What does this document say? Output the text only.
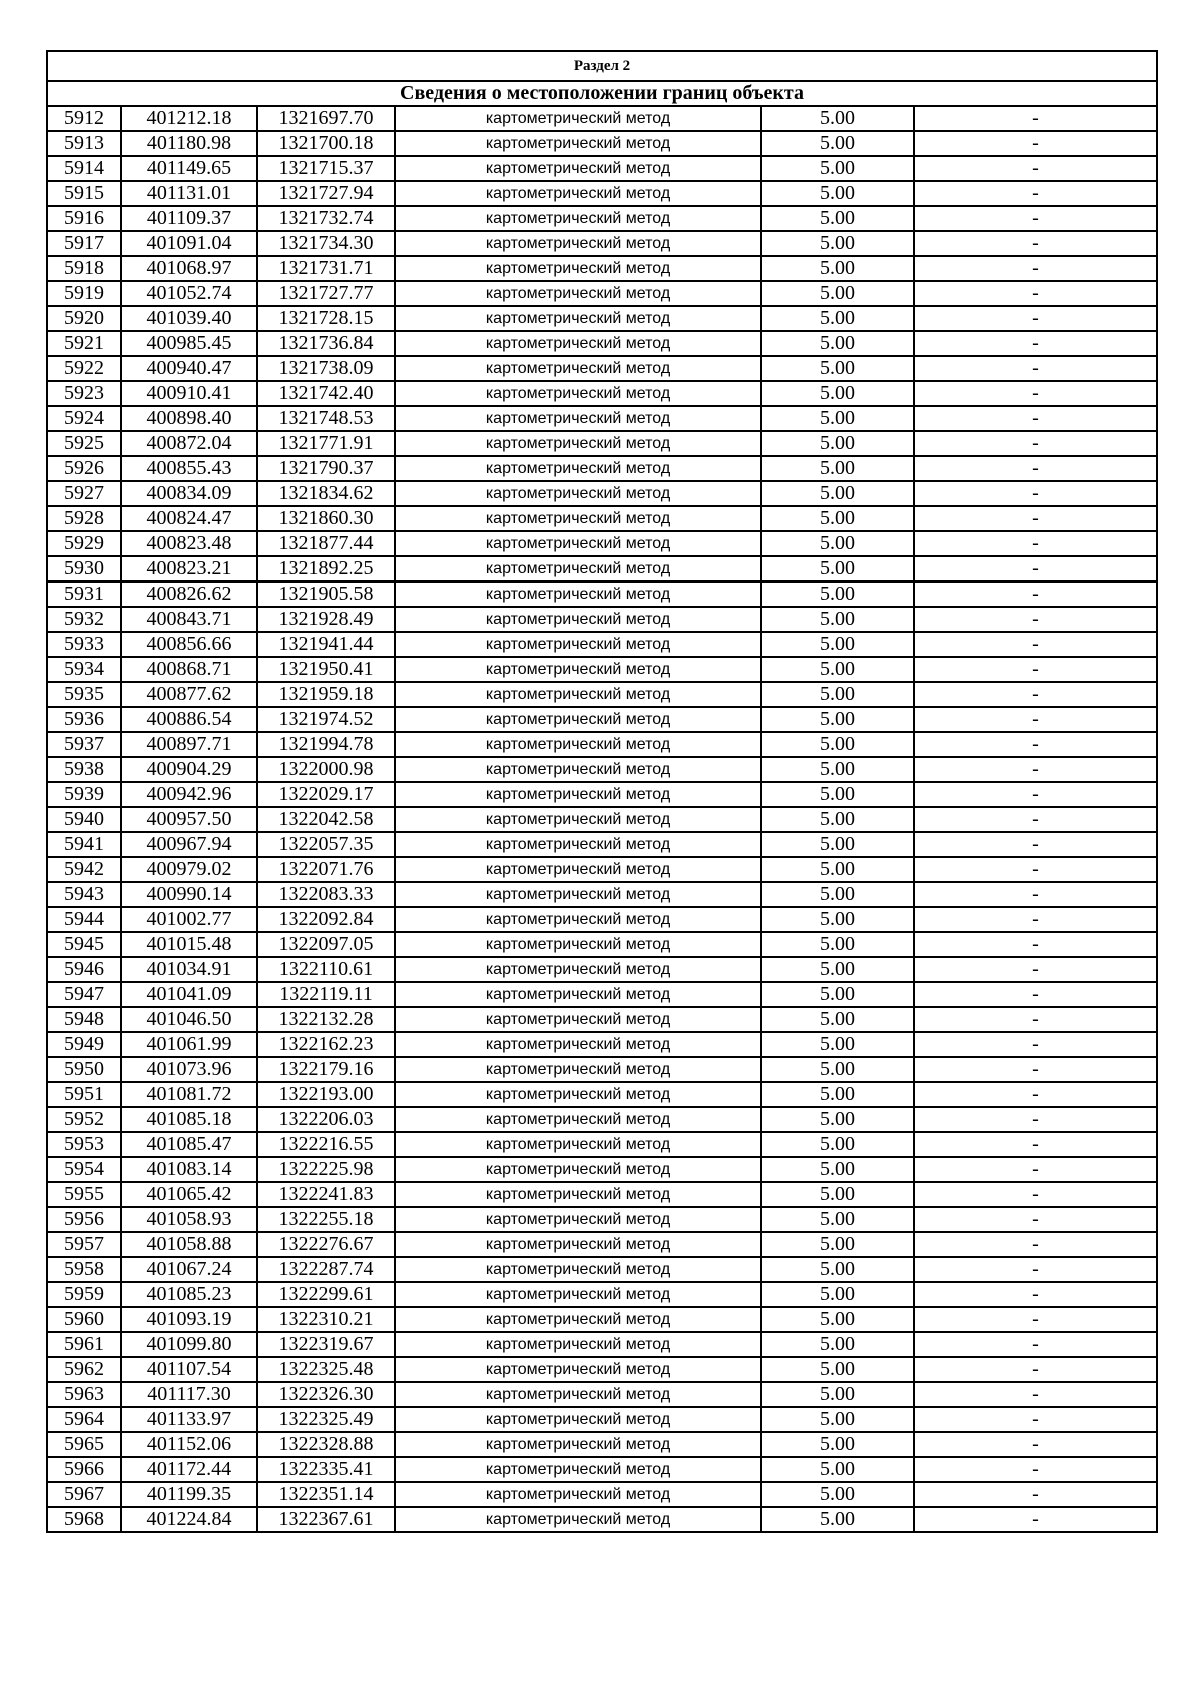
Раздел 2					
Сведения о местоположении границ объекта					
5912	401212.18	1321697.70	картометрический метод	5.00	-
5913	401180.98	1321700.18	картометрический метод	5.00	-
5914	401149.65	1321715.37	картометрический метод	5.00	-
5915	401131.01	1321727.94	картометрический метод	5.00	-
5916	401109.37	1321732.74	картометрический метод	5.00	-
5917	401091.04	1321734.30	картометрический метод	5.00	-
5918	401068.97	1321731.71	картометрический метод	5.00	-
5919	401052.74	1321727.77	картометрический метод	5.00	-
5920	401039.40	1321728.15	картометрический метод	5.00	-
5921	400985.45	1321736.84	картометрический метод	5.00	-
5922	400940.47	1321738.09	картометрический метод	5.00	-
5923	400910.41	1321742.40	картометрический метод	5.00	-
5924	400898.40	1321748.53	картометрический метод	5.00	-
5925	400872.04	1321771.91	картометрический метод	5.00	-
5926	400855.43	1321790.37	картометрический метод	5.00	-
5927	400834.09	1321834.62	картометрический метод	5.00	-
5928	400824.47	1321860.30	картометрический метод	5.00	-
5929	400823.48	1321877.44	картометрический метод	5.00	-
5930	400823.21	1321892.25	картометрический метод	5.00	-
5931	400826.62	1321905.58	картометрический метод	5.00	-
5932	400843.71	1321928.49	картометрический метод	5.00	-
5933	400856.66	1321941.44	картометрический метод	5.00	-
5934	400868.71	1321950.41	картометрический метод	5.00	-
5935	400877.62	1321959.18	картометрический метод	5.00	-
5936	400886.54	1321974.52	картометрический метод	5.00	-
5937	400897.71	1321994.78	картометрический метод	5.00	-
5938	400904.29	1322000.98	картометрический метод	5.00	-
5939	400942.96	1322029.17	картометрический метод	5.00	-
5940	400957.50	1322042.58	картометрический метод	5.00	-
5941	400967.94	1322057.35	картометрический метод	5.00	-
5942	400979.02	1322071.76	картометрический метод	5.00	-
5943	400990.14	1322083.33	картометрический метод	5.00	-
5944	401002.77	1322092.84	картометрический метод	5.00	-
5945	401015.48	1322097.05	картометрический метод	5.00	-
5946	401034.91	1322110.61	картометрический метод	5.00	-
5947	401041.09	1322119.11	картометрический метод	5.00	-
5948	401046.50	1322132.28	картометрический метод	5.00	-
5949	401061.99	1322162.23	картометрический метод	5.00	-
5950	401073.96	1322179.16	картометрический метод	5.00	-
5951	401081.72	1322193.00	картометрический метод	5.00	-
5952	401085.18	1322206.03	картометрический метод	5.00	-
5953	401085.47	1322216.55	картометрический метод	5.00	-
5954	401083.14	1322225.98	картометрический метод	5.00	-
5955	401065.42	1322241.83	картометрический метод	5.00	-
5956	401058.93	1322255.18	картометрический метод	5.00	-
5957	401058.88	1322276.67	картометрический метод	5.00	-
5958	401067.24	1322287.74	картометрический метод	5.00	-
5959	401085.23	1322299.61	картометрический метод	5.00	-
5960	401093.19	1322310.21	картометрический метод	5.00	-
5961	401099.80	1322319.67	картометрический метод	5.00	-
5962	401107.54	1322325.48	картометрический метод	5.00	-
5963	401117.30	1322326.30	картометрический метод	5.00	-
5964	401133.97	1322325.49	картометрический метод	5.00	-
5965	401152.06	1322328.88	картометрический метод	5.00	-
5966	401172.44	1322335.41	картометрический метод	5.00	-
5967	401199.35	1322351.14	картометрический метод	5.00	-
5968	401224.84	1322367.61	картометрический метод	5.00	-
